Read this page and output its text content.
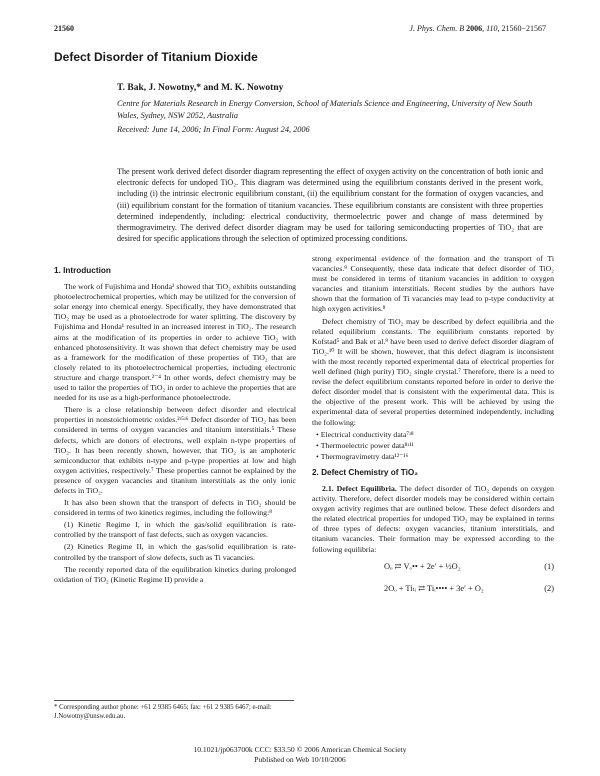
21560	J. Phys. Chem. B 2006, 110, 21560−21567
Defect Disorder of Titanium Dioxide
T. Bak, J. Nowotny,* and M. K. Nowotny
Centre for Materials Research in Energy Conversion, School of Materials Science and Engineering, University of New South Wales, Sydney, NSW 2052, Australia
Received: June 14, 2006; In Final Form: August 24, 2006
The present work derived defect disorder diagram representing the effect of oxygen activity on the concentration of both ionic and electronic defects for undoped TiO₂. This diagram was determined using the equilibrium constants derived in the present work, including (i) the intrinsic electronic equilibrium constant, (ii) the equilibrium constant for the formation of oxygen vacancies, and (iii) equilibrium constant for the formation of titanium vacancies. These equilibrium constants are consistent with three properties determined independently, including: electrical conductivity, thermoelectric power and change of mass determined by thermogravimetry. The derived defect disorder diagram may be used for tailoring semiconducting properties of TiO₂ that are desired for specific applications through the selection of optimized processing conditions.
1. Introduction

The work of Fujishima and Honda¹ showed that TiO₂ exhibits outstanding photoelectrochemical properties, which may be utilized for the conversion of solar energy into chemical energy. Specifically, they have demonstrated that TiO₂ may be used as a photoelectrode for water splitting. The discovery by Fujishima and Honda¹ resulted in an increased interest in TiO₂. The research aims at the modification of its properties in order to achieve TiO₂ with enhanced photosensitivity. It was shown that defect chemistry may be used as a framework for the modification of these properties of TiO₂ that are closely related to its photoelectrochemical properties, including electronic structure and charge transport.²⁻⁴ In other words, defect chemistry may be used to tailor the properties of TiO₂ in order to achieve the properties that are needed for its use as a high-performance photoelectrode.

There is a close relationship between defect disorder and electrical properties in nonstoichiometric oxides.²ʴ⁵ʴ⁶ Defect disorder of TiO₂ has been considered in terms of oxygen vacancies and titanium interstitials.⁵ These defects, which are donors of electrons, well explain n-type properties of TiO₂. It has been recently shown, however, that TiO₂ is an amphoteric semiconductor that exhibits n-type and p-type properties at low and high oxygen activities, respectively.⁷ These properties cannot be explained by the presence of oxygen vacancies and titanium interstitials as the only ionic defects in TiO₂.

It has also been shown that the transport of defects in TiO₂ should be considered in terms of two kinetics regimes, including the following:⁸

(1) Kinetic Regime I, in which the gas/solid equilibration is rate-controlled by the transport of fast defects, such as oxygen vacancies.

(2) Kinetics Regime II, in which the gas/solid equilibration is rate-controlled by the transport of slow defects, such as Ti vacancies.

The recently reported data of the equilibration kinetics during prolonged oxidation of TiO₂ (Kinetic Regime II) provide a

strong experimental evidence of the formation and the transport of Ti vacancies.⁹ Consequently, these data indicate that defect disorder of TiO₂ must be considered in terms of titanium vacancies in addition to oxygen vacancies and titanium interstitials. Recent studies by the authors have shown that the formation of Ti vacancies may lead to p-type conductivity at high oxygen activities.⁸

Defect chemistry of TiO₂ may be described by defect equilibria and the related equilibrium constants. The equilibrium constants reported by Kofstad⁵ and Bak et al.⁹ have been used to derive defect disorder diagram of TiO₂.¹⁰ It will be shown, however, that this defect diagram is inconsistent with the most recently reported experimental data of electrical properties for well defined (high purity) TiO₂ single crystal.⁷ Therefore, there is a need to revise the defect equilibrium constants reported before in order to derive the defect disorder model that is consistent with the experimental data. This is the objective of the present work. This will be achieved by using the experimental data of several properties determined independently, including the following:

• Electrical conductivity data⁷ʴ⁸
• Thermoelectric power data⁸ʴ¹¹
• Thermogravimetry data¹²⁻¹⁶
2. Defect Chemistry of TiO₂

2.1. Defect Equilibria. The defect disorder of TiO₂ depends on oxygen activity. Therefore, defect disorder models may be considered within certain oxygen activity regimes that are outlined below. These defect disorders and the related electrical properties for undoped TiO₂ may be explained in terms of three types of defects: oxygen vacancies, titanium interstitials, and titanium vacancies. Their formation may be expressed according to the following equilibria:

Oₒ ⇄ Vₒ•• + 2e′ + ½O₂	(1)
2Oₒ + Tiₜᵢ ⇄ Tiᵢ•••• + 3e′ + O₂	(2)
* Corresponding author phone: +61 2 9385 6465; fax: +61 2 9385 6467; e-mail: J.Nowotny@unsw.edu.au.
10.1021/jp063700k CCC: $33.50 © 2006 American Chemical Society
Published on Web 10/10/2006
